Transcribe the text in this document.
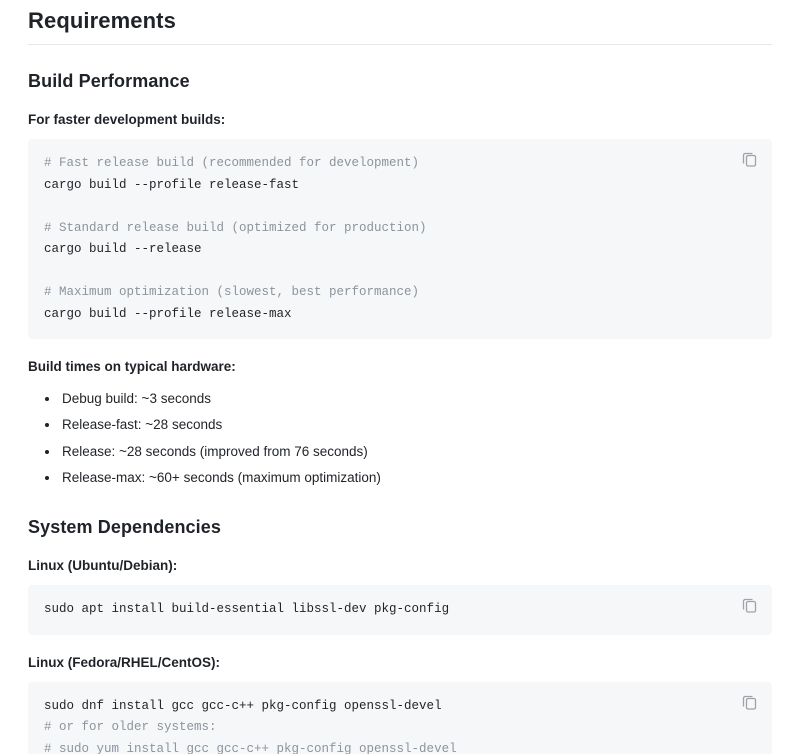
Requirements
Build Performance

For faster development builds:

# Fast release build (recommended for development)
cargo build --profile release-fast
# Standard release build (optimized for production)
cargo build --release
# Maximum optimization (slowest, best performance)
cargo build --profile release-max

Build times on typical hardware:

• Debug build: ~3 seconds
• Release-fast: ~28 seconds
• Release: ~28 seconds (improved from 76 seconds)
• Release-max: ~60+ seconds (maximum optimization)
System Dependencies

Linux (Ubuntu/Debian):

sudo apt install build-essential libssl-dev pkg-config

Linux (Fedora/RHEL/CentOS):

sudo dnf install gcc gcc-c++ pkg-config openssl-devel
# or for older systems:
# sudo yum install gcc gcc-c++ pkg-config openssl-devel
